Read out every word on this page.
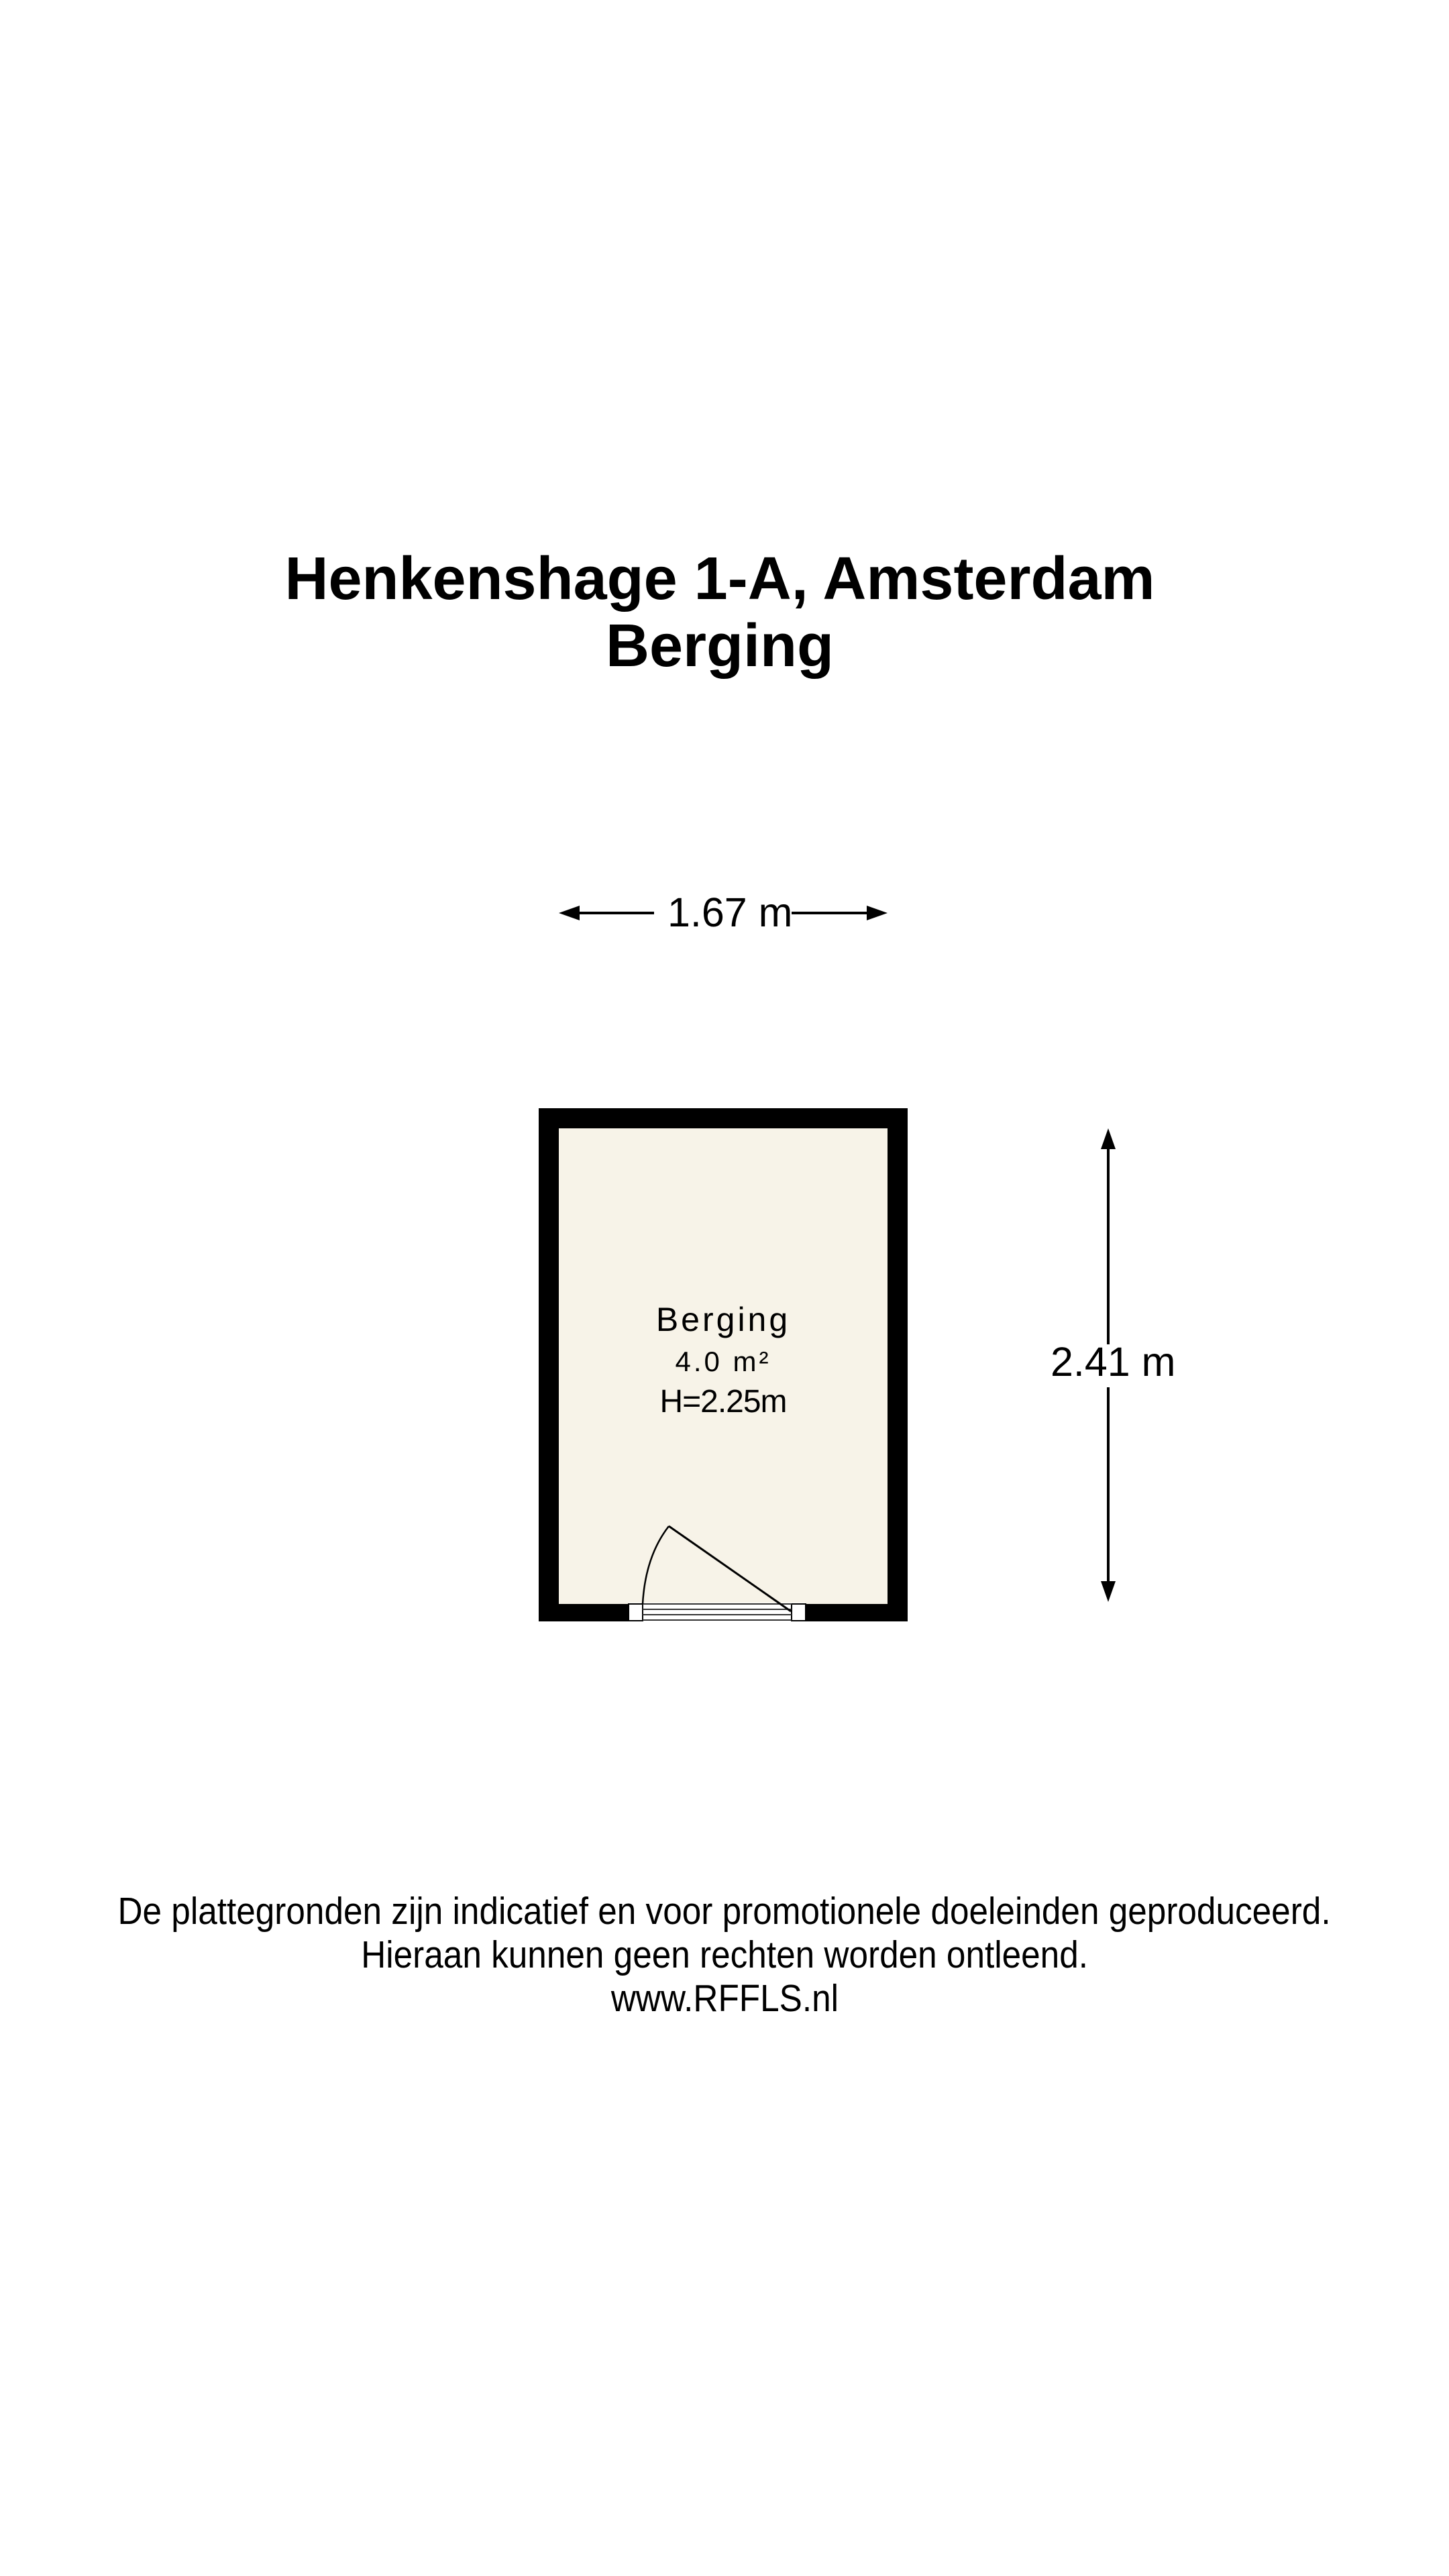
Henkenshage 1-A, Amsterdam
Berging
1.67 m
2.41 m
Berging
4.0 m²
H=2.25m
De plattegronden zijn indicatief en voor promotionele doeleinden geproduceerd.
Hieraan kunnen geen rechten worden ontleend.
www.RFFLS.nl
